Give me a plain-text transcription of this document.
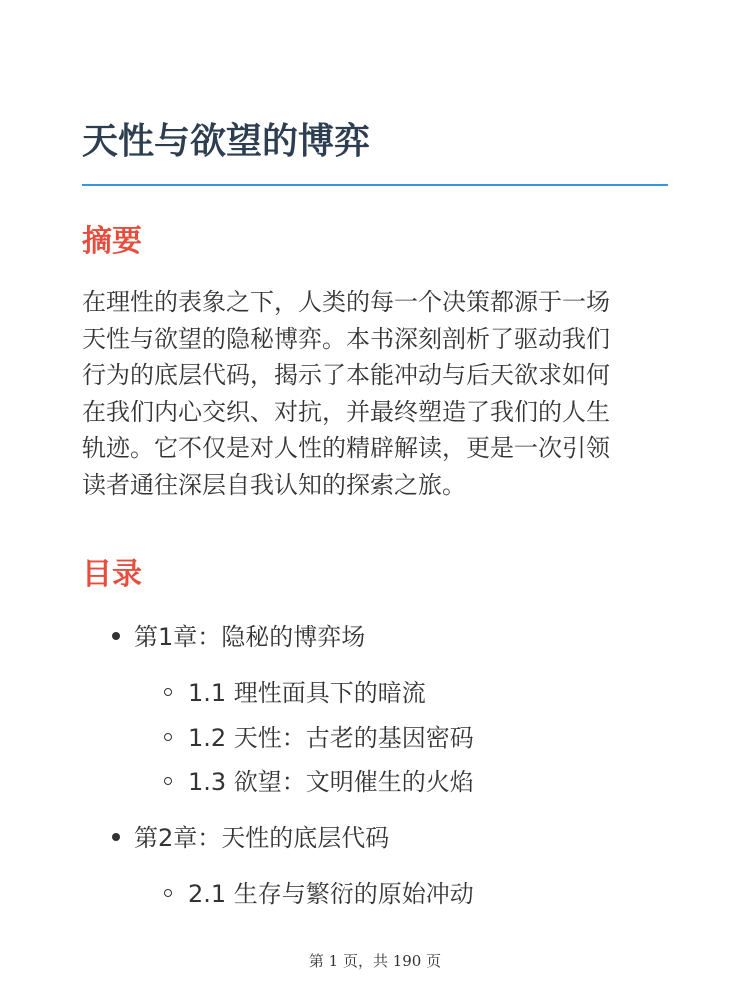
天性与欲望的博弈
摘要

在理性的表象之下，人类的每一个决策都源于一场
天性与欲望的隐秘博弈。本书深刻剖析了驱动我们
行为的底层代码，揭示了本能冲动与后天欲求如何
在我们内心交织、对抗，并最终塑造了我们的人生
轨迹。它不仅是对人性的精辟解读，更是一次引领
读者通往深层自我认知的探索之旅。

目录
第1章：隐秘的博弈场
1.1 理性面具下的暗流
1.2 天性：古老的基因密码
1.3 欲望：文明催生的火焰
第2章：天性的底层代码
2.1 生存与繁衍的原始冲动
第 1 页，共 190 页
